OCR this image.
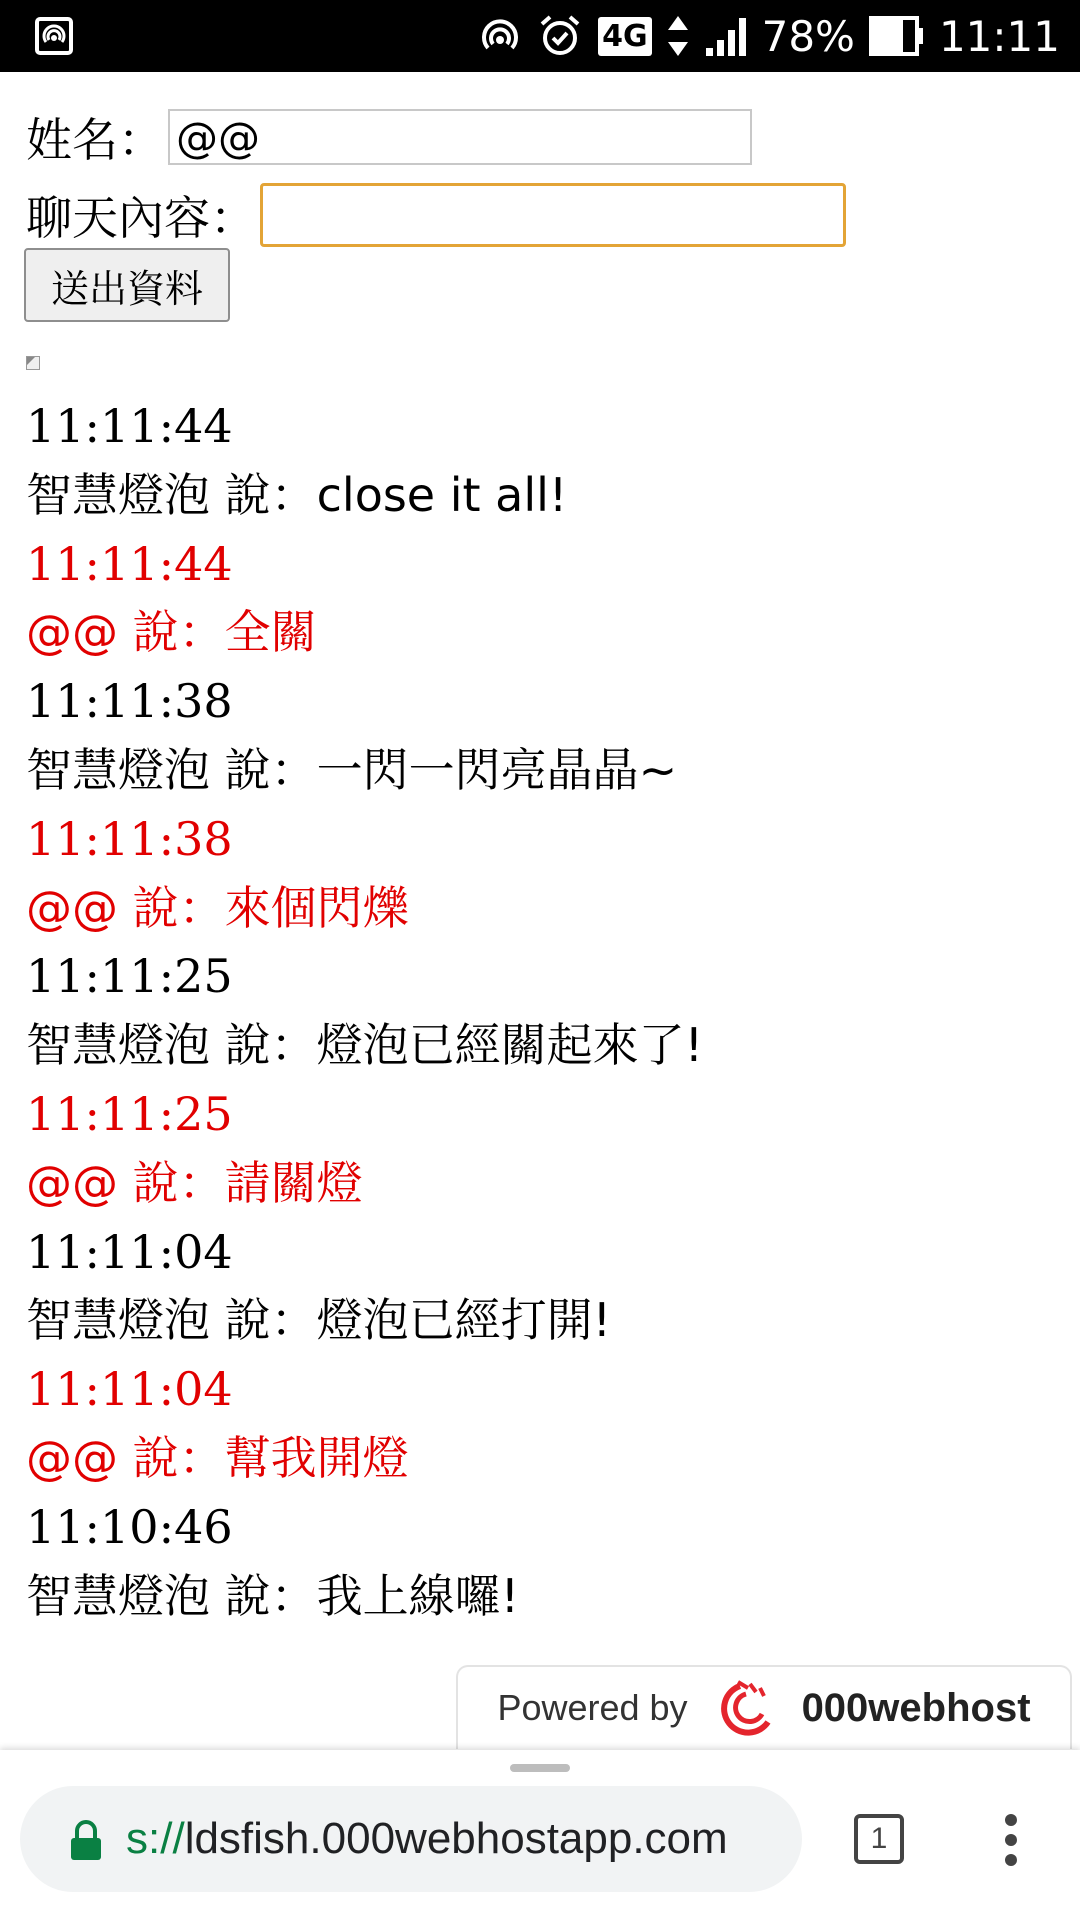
4G	78% 11:11
姓名：
@@
聊天內容：
送出資料
11:11:44
智慧燈泡 說：close it all!
11:11:44
@@ 說：全關
11:11:38
智慧燈泡 說：一閃一閃亮晶晶~
11:11:38
@@ 說：來個閃爍
11:11:25
智慧燈泡 說：燈泡已經關起來了!
11:11:25
@@ 說：請關燈
11:11:04
智慧燈泡 說：燈泡已經打開!
11:11:04
@@ 說：幫我開燈
11:10:46
智慧燈泡 說：我上線囉!
Powered by	000webhost
s:// ldsfish.000webhostapp.com	1
